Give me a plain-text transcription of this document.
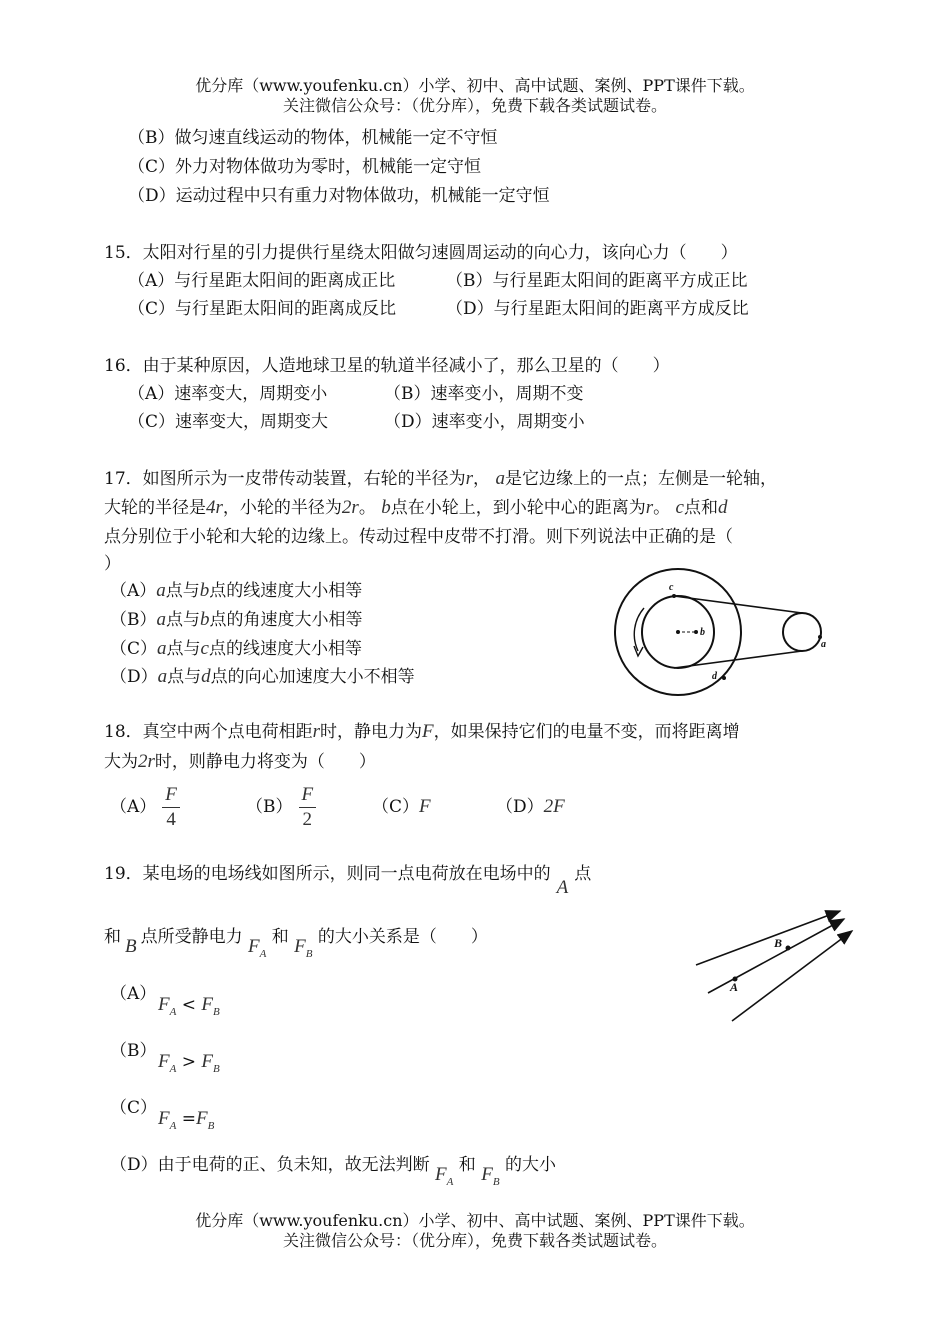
优分库（www.youfenku.cn）小学、初中、高中试题、案例、PPT课件下载。
关注微信公众号：（优分库），免费下载各类试题试卷。
（B）做匀速直线运动的物体，机械能一定不守恒
（C）外力对物体做功为零时，机械能一定守恒
（D）运动过程中只有重力对物体做功，机械能一定守恒
15．太阳对行星的引力提供行星绕太阳做匀速圆周运动的向心力，该向心力（　　）
（A）与行星距太阳间的距离成正比	（B）与行星距太阳间的距离平方成正比
（C）与行星距太阳间的距离成反比	（D）与行星距太阳间的距离平方成反比
16．由于某种原因，人造地球卫星的轨道半径减小了，那么卫星的（　　）
（A）速率变大，周期变小	（B）速率变小，周期不变
（C）速率变大，周期变大	（D）速率变小，周期变小
17．如图所示为一皮带传动装置，右轮的半径为r， a是它边缘上的一点；左侧是一轮轴，
大轮的半径是4r，小轮的半径为2r。 b点在小轮上，到小轮中心的距离为r。 c点和d
点分别位于小轮和大轮的边缘上。传动过程中皮带不打滑。则下列说法中正确的是（
）
（A）a点与b点的线速度大小相等
（B）a点与b点的角速度大小相等
（C）a点与c点的线速度大小相等
（D）a点与d点的向心加速度大小不相等
b
c
a
d
18．真空中两个点电荷相距r时，静电力为F，如果保持它们的电量不变，而将距离增
大为2r时，则静电力将变为（　　）
$(A) \frac{F}{4}$	$(B) \frac{F}{2}$	（C）F	（D）2F
19．某电场的电场线如图所示，则同一点电荷放在电场中的A点
和 B 点所受静电力 $F_A$ 和 $F_B$ 的大小关系是（　　）
（A） $F_A < F_B$
（B） $F_A > F_B$
（C） $F_A =F_B$
（D）由于电荷的正、负未知，故无法判断 $F_A$ 和 $F_B$ 的大小
B
A
优分库（www.youfenku.cn）小学、初中、高中试题、案例、PPT课件下载。
关注微信公众号：（优分库），免费下载各类试题试卷。
